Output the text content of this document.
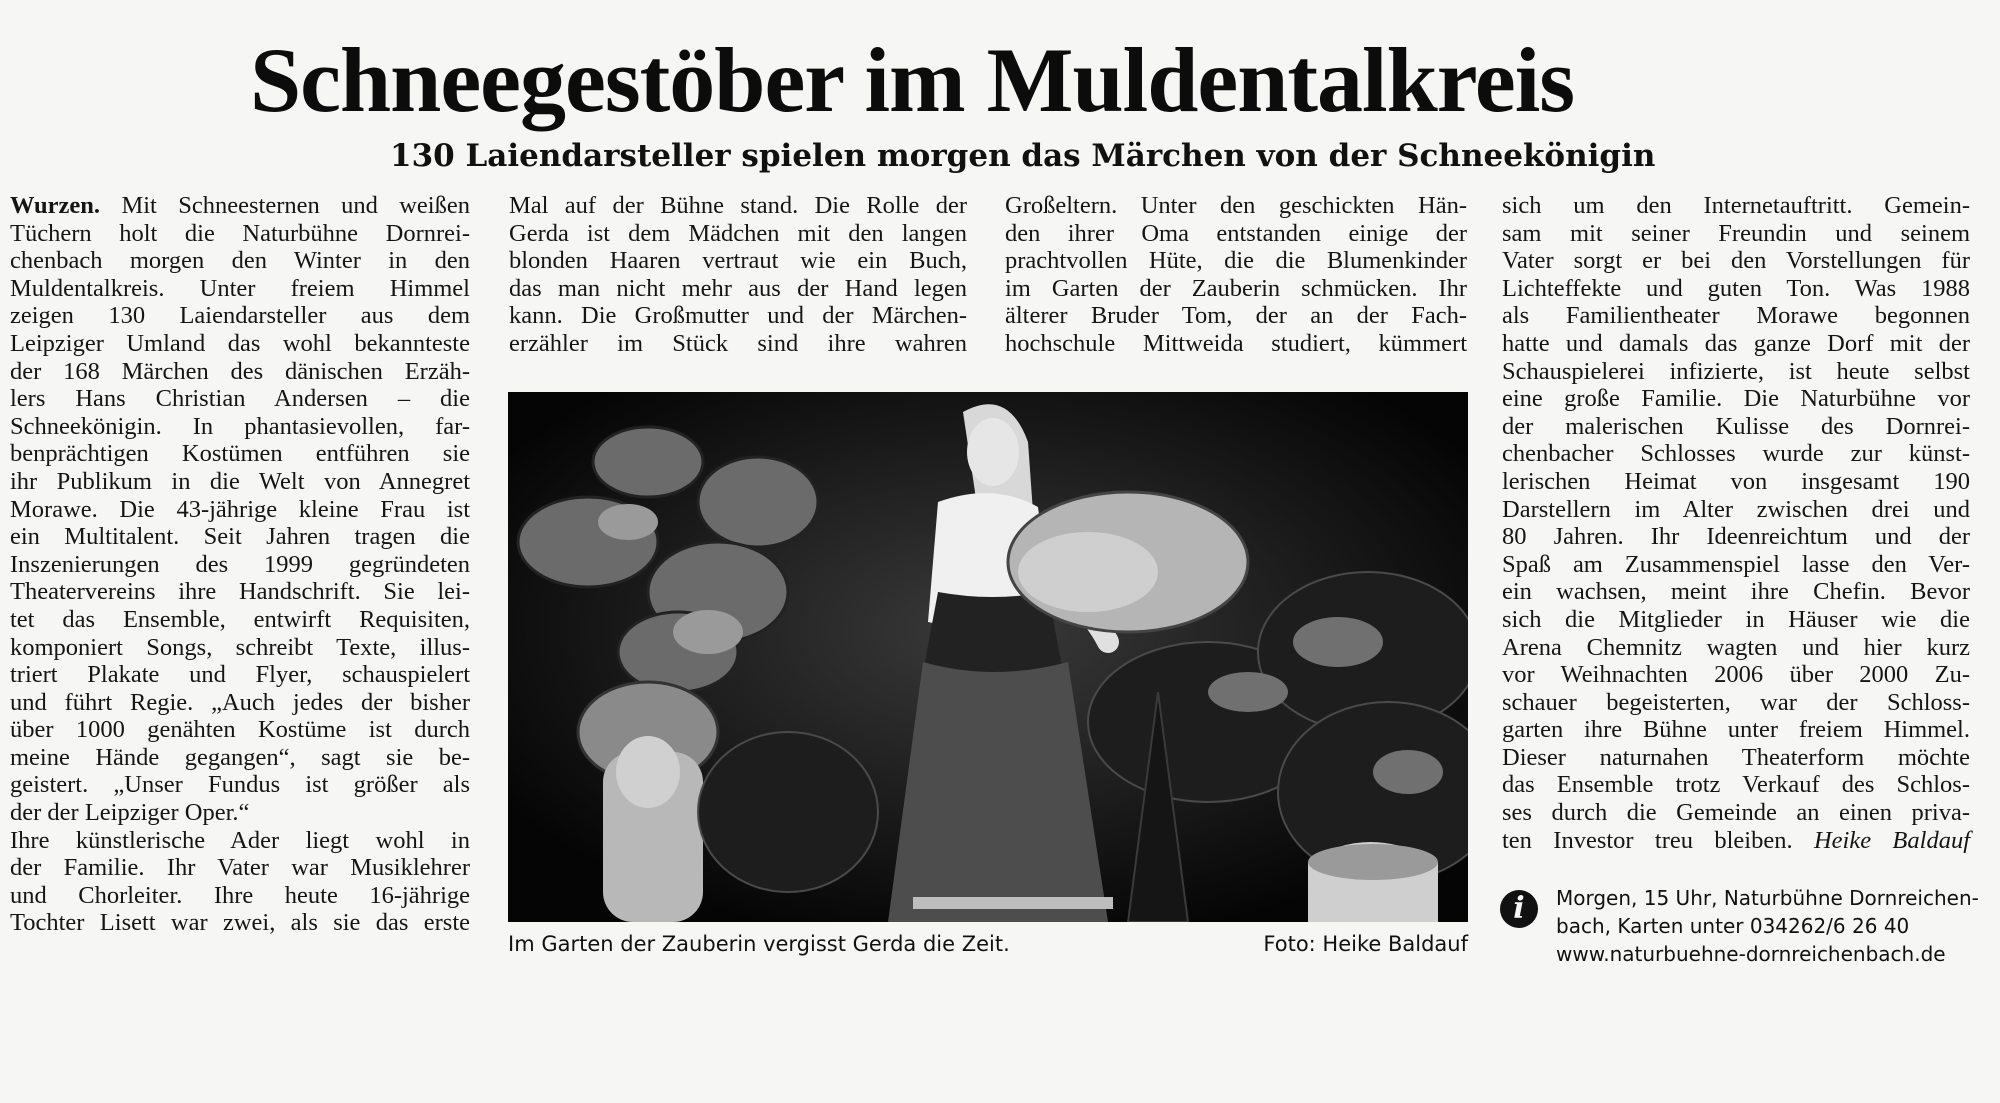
Schneegestöber im Muldentalkreis
130 Laiendarsteller spielen morgen das Märchen von der Schneekönigin
Wurzen. Mit Schneesternen und weißen
Tüchern holt die Naturbühne Dornrei-
chenbach morgen den Winter in den
Muldentalkreis. Unter freiem Himmel
zeigen 130 Laiendarsteller aus dem
Leipziger Umland das wohl bekannteste
der 168 Märchen des dänischen Erzäh-
lers Hans Christian Andersen – die
Schneekönigin. In phantasievollen, far-
benprächtigen Kostümen entführen sie
ihr Publikum in die Welt von Annegret
Morawe. Die 43-jährige kleine Frau ist
ein Multitalent. Seit Jahren tragen die
Inszenierungen des 1999 gegründeten
Theatervereins ihre Handschrift. Sie lei-
tet das Ensemble, entwirft Requisiten,
komponiert Songs, schreibt Texte, illus-
triert Plakate und Flyer, schauspielert
und führt Regie. „Auch jedes der bisher
über 1000 genähten Kostüme ist durch
meine Hände gegangen“, sagt sie be-
geistert. „Unser Fundus ist größer als
der der Leipziger Oper.“
Ihre künstlerische Ader liegt wohl in
der Familie. Ihr Vater war Musiklehrer
und Chorleiter. Ihre heute 16-jährige
Tochter Lisett war zwei, als sie das erste
Mal auf der Bühne stand. Die Rolle der
Gerda ist dem Mädchen mit den langen
blonden Haaren vertraut wie ein Buch,
das man nicht mehr aus der Hand legen
kann. Die Großmutter und der Märchen-
erzähler im Stück sind ihre wahren
Großeltern. Unter den geschickten Hän-
den ihrer Oma entstanden einige der
prachtvollen Hüte, die die Blumenkinder
im Garten der Zauberin schmücken. Ihr
älterer Bruder Tom, der an der Fach-
hochschule Mittweida studiert, kümmert
Im Garten der Zauberin vergisst Gerda die Zeit.	Foto: Heike Baldauf
sich um den Internetauftritt. Gemein-
sam mit seiner Freundin und seinem
Vater sorgt er bei den Vorstellungen für
Lichteffekte und guten Ton. Was 1988
als Familientheater Morawe begonnen
hatte und damals das ganze Dorf mit der
Schauspielerei infizierte, ist heute selbst
eine große Familie. Die Naturbühne vor
der malerischen Kulisse des Dornrei-
chenbacher Schlosses wurde zur künst-
lerischen Heimat von insgesamt 190
Darstellern im Alter zwischen drei und
80 Jahren. Ihr Ideenreichtum und der
Spaß am Zusammenspiel lasse den Ver-
ein wachsen, meint ihre Chefin. Bevor
sich die Mitglieder in Häuser wie die
Arena Chemnitz wagten und hier kurz
vor Weihnachten 2006 über 2000 Zu-
schauer begeisterten, war der Schloss-
garten ihre Bühne unter freiem Himmel.
Dieser naturnahen Theaterform möchte
das Ensemble trotz Verkauf des Schlos-
ses durch die Gemeinde an einen priva-
ten Investor treu bleiben. Heike Baldauf
i	Morgen, 15 Uhr, Naturbühne Dornreichen-
bach, Karten unter 034262/6 26 40
www.naturbuehne-dornreichenbach.de
